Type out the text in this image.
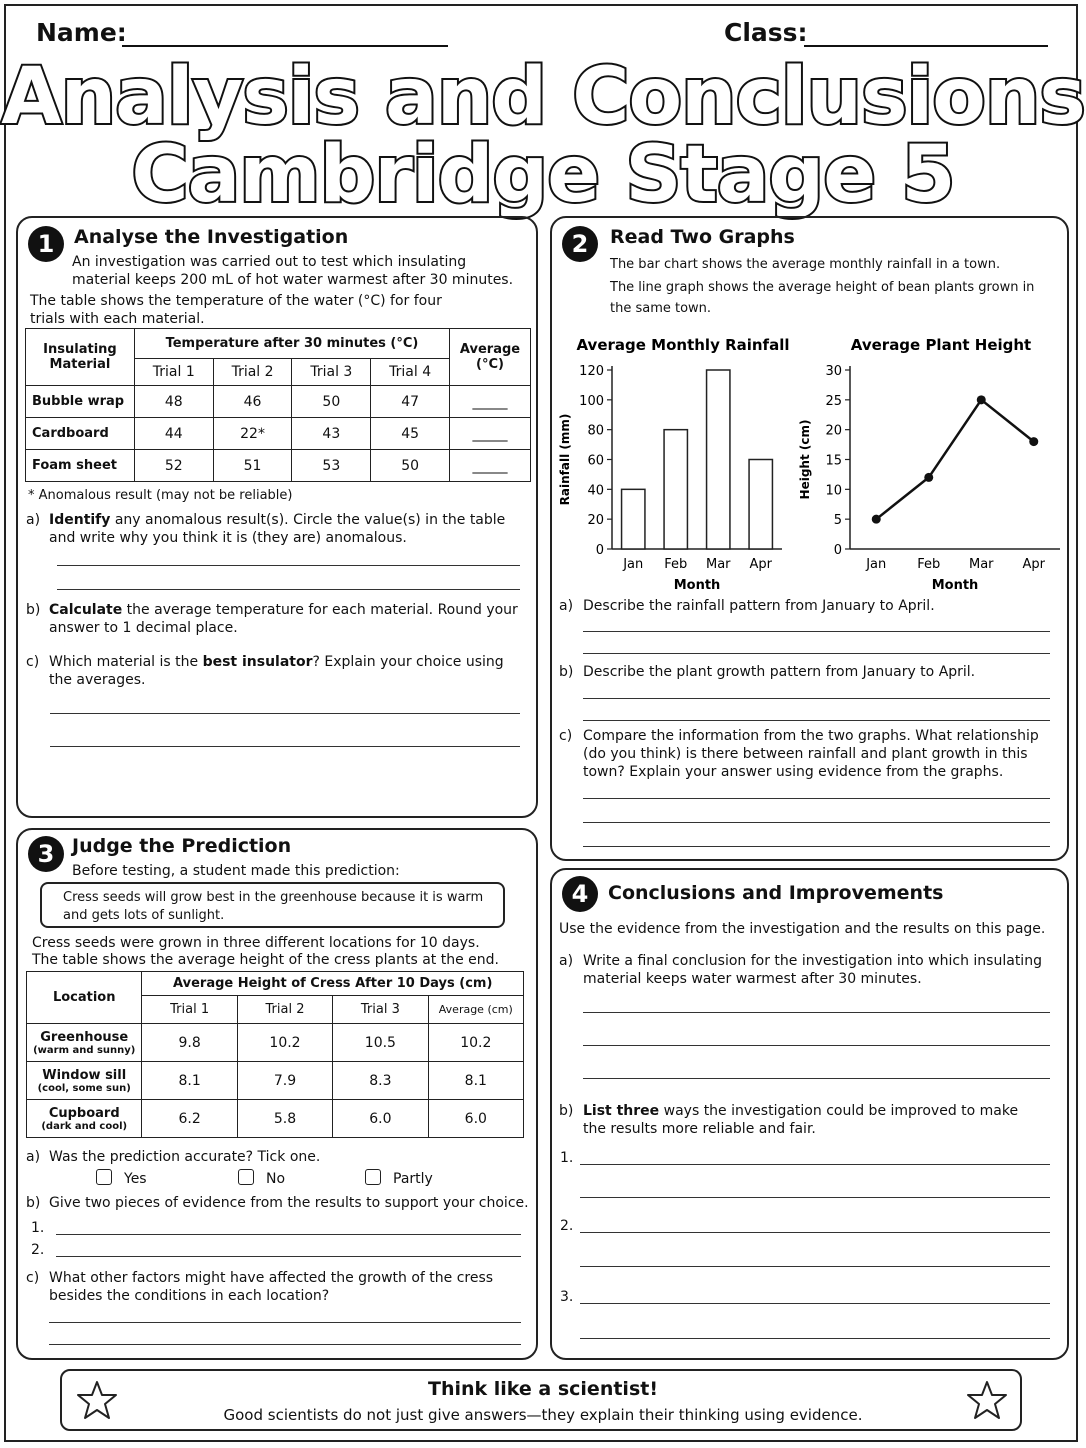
Name:	Class:
Analysis and Conclusions
Cambridge Stage 5
1	Analyse the Investigation
An investigation was carried out to test which insulating material keeps 200 mL of hot water warmest after 30 minutes.
The table shows the temperature of the water (°C) for four trials with each material.
Insulating Material	Temperature after 30 minutes (°C)				Average (°C)
	Trial 1	Trial 2	Trial 3	Trial 4	
Bubble wrap	48	46	50	47	_____
Cardboard	44	22*	43	45	_____
Foam sheet	52	51	53	50	_____
* Anomalous result (may not be reliable)
a) Identify any anomalous result(s). Circle the value(s) in the table and write why you think it is (they are) anomalous.
b) Calculate the average temperature for each material. Round your answer to 1 decimal place.
c) Which material is the best insulator? Explain your choice using the averages.
2	Read Two Graphs
The bar chart shows the average monthly rainfall in a town.
The line graph shows the average height of bean plants grown in the same town.
Average Monthly Rainfall
0
20
40
60
80
100
120
Jan Feb Mar Apr
Month
Rainfall (mm)
Average Plant Height
0
5
10
15
20
25
30
Jan Feb Mar Apr
Month
Height (cm)
a) Describe the rainfall pattern from January to April.
b) Describe the plant growth pattern from January to April.
c) Compare the information from the two graphs. What relationship (do you think) is there between rainfall and plant growth in this town? Explain your answer using evidence from the graphs.
3 Judge the Prediction
Before testing, a student made this prediction:
Cress seeds will grow best in the greenhouse because it is warm and gets lots of sunlight.
Cress seeds were grown in three different locations for 10 days.
The table shows the average height of the cress plants at the end.
Location	Average Height of Cress After 10 Days (cm)			
	Trial 1	Trial 2	Trial 3	Average (cm)

Greenhouse
(warm and sunny)	9.8	10.2	10.5	10.2

Window sill
(cool, some sun)	8.1	7.9	8.3	8.1

Cupboard
(dark and cool)	6.2	5.8	6.0	6.0
a) Was the prediction accurate? Tick one.
Yes	No	Partly
b) Give two pieces of evidence from the results to support your choice.
1.
2.
c) What other factors might have affected the growth of the cress besides the conditions in each location?
4	Conclusions and Improvements
Use the evidence from the investigation and the results on this page.
a) Write a final conclusion for the investigation into which insulating material keeps water warmest after 30 minutes.
b) List three ways the investigation could be improved to make the results more reliable and fair.
1.
2.
3.
Think like a scientist!
Good scientists do not just give answers—they explain their thinking using evidence.
